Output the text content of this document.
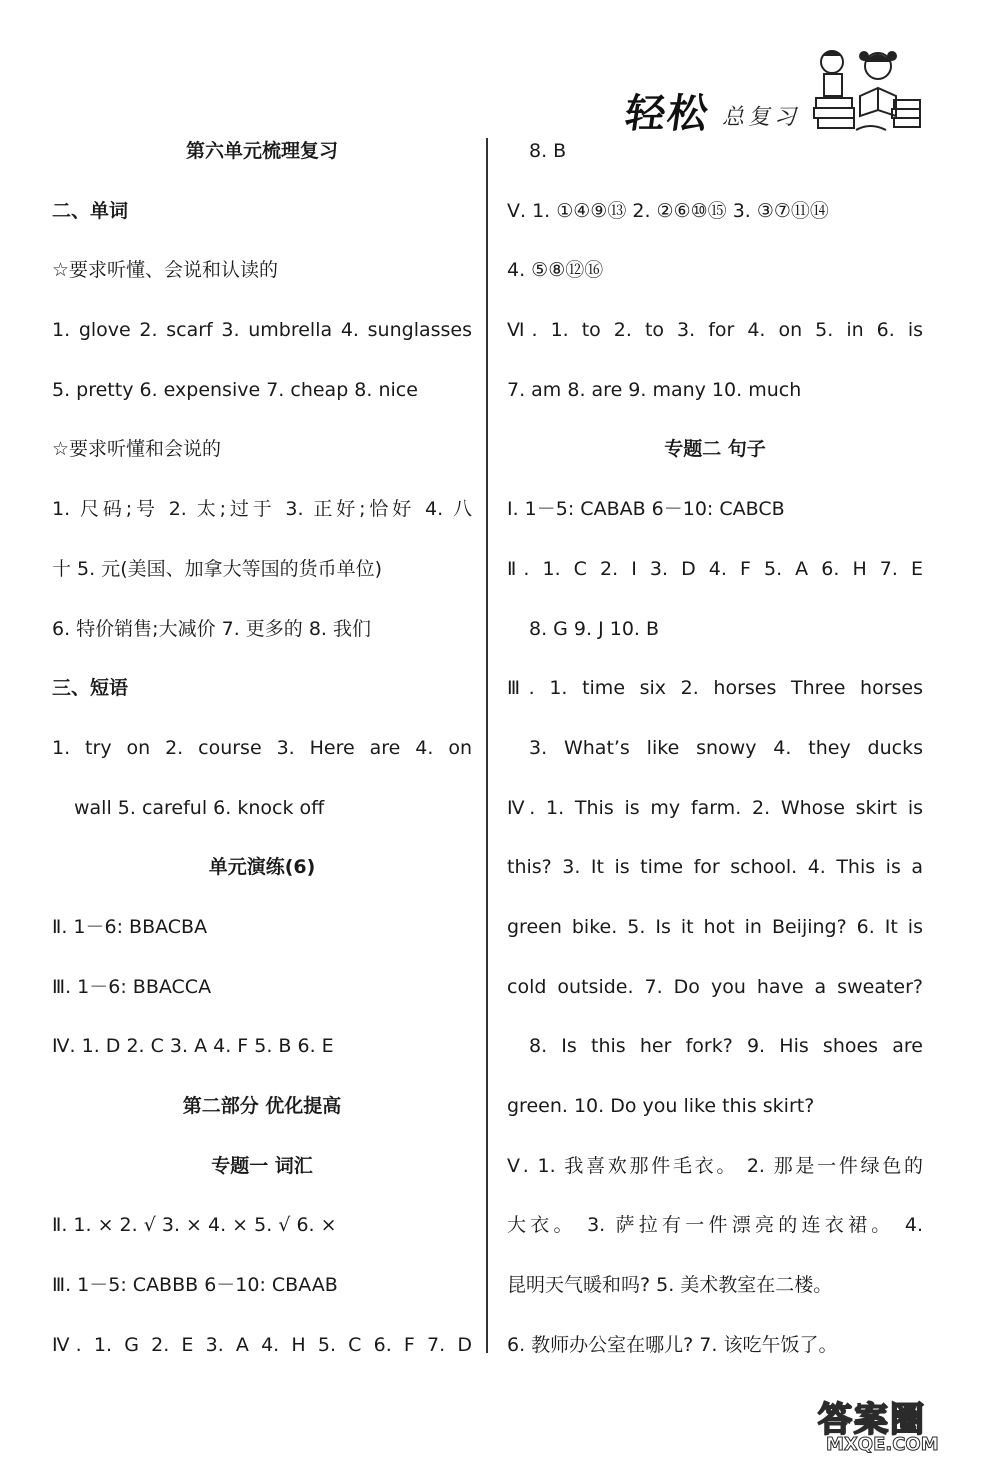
轻松 总复习
第六单元梳理复习
二、单词
☆要求听懂、会说和认读的
1. glove 2. scarf 3. umbrella 4. sunglasses
5. pretty 6. expensive 7. cheap 8. nice
☆要求听懂和会说的
1. 尺码;号 2. 太;过于 3. 正好;恰好 4. 八
十 5. 元(美国、加拿大等国的货币单位)
6. 特价销售;大减价 7. 更多的 8. 我们
三、短语
1. try on 2. course 3. Here are 4. on
wall 5. careful 6. knock off
单元演练(6)
Ⅱ. 1－6: BBACBA
Ⅲ. 1－6: BBACCA
Ⅳ. 1. D 2. C 3. A 4. F 5. B 6. E
第二部分 优化提高
专题一 词汇
Ⅱ. 1. × 2. √ 3. × 4. × 5. √ 6. ×
Ⅲ. 1－5: CABBB 6－10: CBAAB
Ⅳ. 1. G 2. E 3. A 4. H 5. C 6. F 7. D
8. B
Ⅴ. 1. ①④⑨⑬ 2. ②⑥⑩⑮ 3. ③⑦⑪⑭
4. ⑤⑧⑫⑯
Ⅵ. 1. to 2. to 3. for 4. on 5. in 6. is
7. am 8. are 9. many 10. much
专题二 句子
Ⅰ. 1－5: CABAB 6－10: CABCB
Ⅱ. 1. C 2. I 3. D 4. F 5. A 6. H 7. E
8. G 9. J 10. B
Ⅲ. 1. time six 2. horses Three horses
3. What’s like snowy 4. they ducks
Ⅳ. 1. This is my farm. 2. Whose skirt is
this? 3. It is time for school. 4. This is a
green bike. 5. Is it hot in Beijing? 6. It is
cold outside. 7. Do you have a sweater?
8. Is this her fork? 9. His shoes are
green. 10. Do you like this skirt?
Ⅴ. 1. 我喜欢那件毛衣。 2. 那是一件绿色的
大衣。 3. 萨拉有一件漂亮的连衣裙。 4.
昆明天气暖和吗? 5. 美术教室在二楼。
6. 教师办公室在哪儿? 7. 该吃午饭了。
答案圈
MXQE.COM
